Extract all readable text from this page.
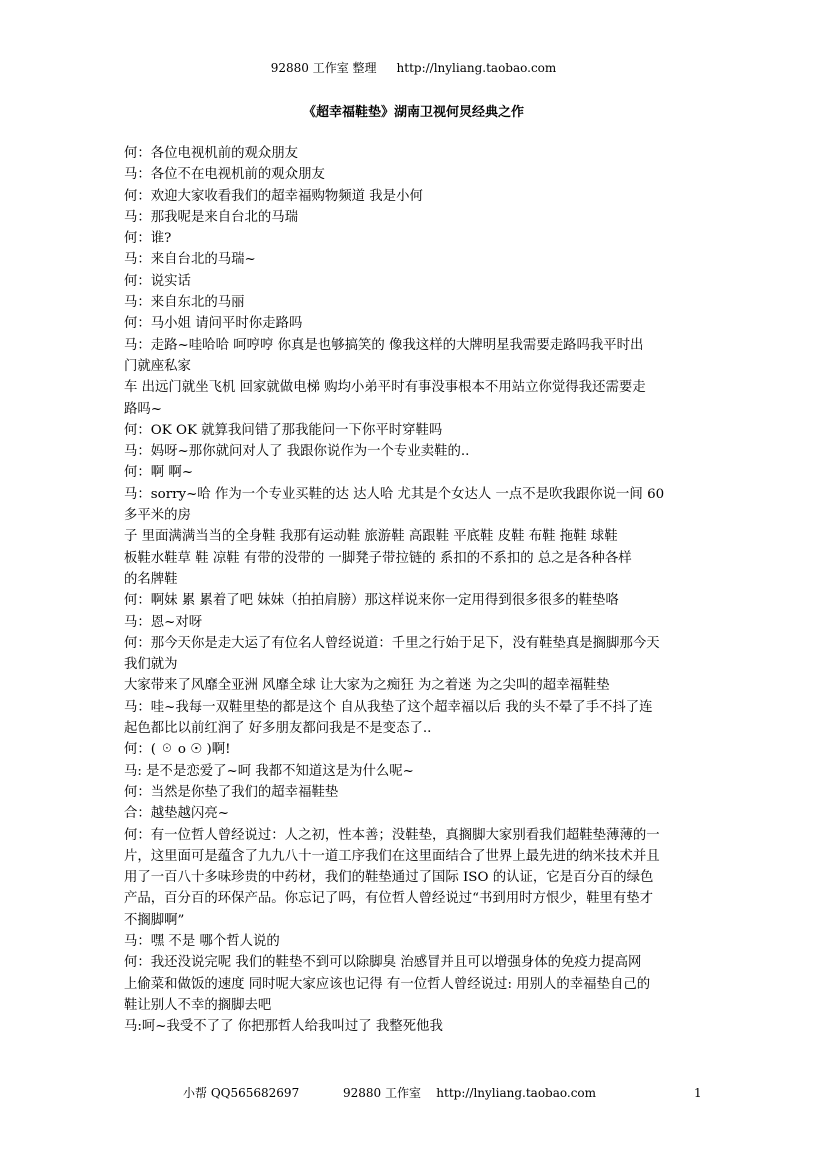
92880 工作室 整理 http://lnyliang.taobao.com
《超幸福鞋垫》湖南卫视何炅经典之作
何：各位电视机前的观众朋友
马：各位不在电视机前的观众朋友
何：欢迎大家收看我们的超幸福购物频道 我是小何
马：那我呢是来自台北的马瑞
何：谁?
马：来自台北的马瑞~
何：说实话
马：来自东北的马丽
何：马小姐 请问平时你走路吗
马：走路~哇哈哈 呵哼哼 你真是也够搞笑的 像我这样的大牌明星我需要走路吗我平时出
门就座私家
车 出远门就坐飞机 回家就做电梯 购均小弟平时有事没事根本不用站立你觉得我还需要走
路吗~
何：OK OK 就算我问错了那我能问一下你平时穿鞋吗
马：妈呀~那你就问对人了 我跟你说作为一个专业卖鞋的..
何：啊 啊~
马：sorry~哈 作为一个专业买鞋的达 达人哈 尤其是个女达人 一点不是吹我跟你说一间 60
多平米的房
子 里面满满当当的全身鞋 我那有运动鞋 旅游鞋 高跟鞋 平底鞋 皮鞋 布鞋 拖鞋 球鞋
板鞋水鞋草 鞋 凉鞋 有带的没带的 一脚凳子带拉链的 系扣的不系扣的 总之是各种各样
的名牌鞋
何：啊妹 累 累着了吧 妹妹（拍拍肩膀）那这样说来你一定用得到很多很多的鞋垫咯
马：恩~对呀
何：那今天你是走大运了有位名人曾经说道：千里之行始于足下，没有鞋垫真是搁脚那今天
我们就为
大家带来了风靡全亚洲 风靡全球 让大家为之痴狂 为之着迷 为之尖叫的超幸福鞋垫
马：哇~我每一双鞋里垫的都是这个 自从我垫了这个超幸福以后 我的头不晕了手不抖了连
起色都比以前红润了 好多朋友都问我是不是变态了..
何：( ☉ o ☉ )啊!
马: 是不是恋爱了~呵 我都不知道这是为什么呢~
何：当然是你垫了我们的超幸福鞋垫
合：越垫越闪亮~
何：有一位哲人曾经说过：人之初，性本善；没鞋垫，真搁脚大家别看我们超鞋垫薄薄的一
片，这里面可是蕴含了九九八十一道工序我们在这里面结合了世界上最先进的纳米技术并且
用了一百八十多味珍贵的中药材，我们的鞋垫通过了国际 ISO 的认证，它是百分百的绿色
产品，百分百的环保产品。你忘记了吗，有位哲人曾经说过“书到用时方恨少，鞋里有垫才
不搁脚啊”
马：嘿 不是 哪个哲人说的
何：我还没说完呢 我们的鞋垫不到可以除脚臭 治感冒并且可以增强身体的免疫力提高网
上偷菜和做饭的速度 同时呢大家应该也记得 有一位哲人曾经说过: 用别人的幸福垫自己的
鞋让别人不幸的搁脚去吧
马:呵~我受不了了 你把那哲人给我叫过了 我整死他我
小帮 QQ565682697	92880 工作室 http://lnyliang.taobao.com	1
